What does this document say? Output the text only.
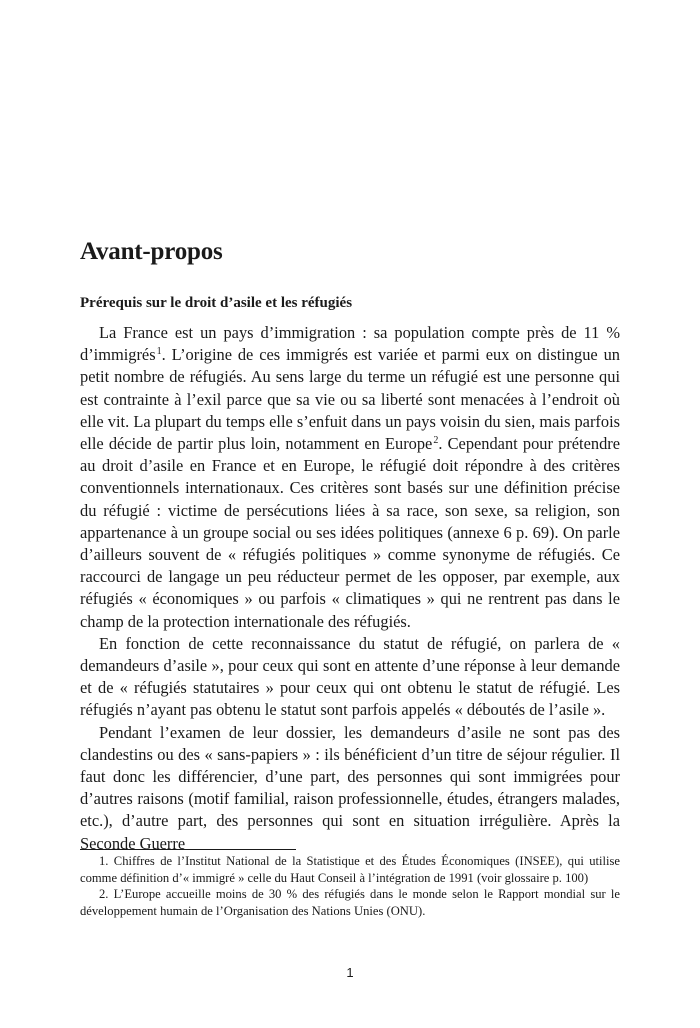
Avant-propos
Prérequis sur le droit d’asile et les réfugiés

La France est un pays d’immigration : sa population compte près de 11 % d’immigrés$^1$. L’origine de ces immigrés est variée et parmi eux on distingue un petit nombre de réfugiés. Au sens large du terme un réfugié est une personne qui est contrainte à l’exil parce que sa vie ou sa liberté sont menacées à l’endroit où elle vit. La plupart du temps elle s’enfuit dans un pays voisin du sien, mais parfois elle décide de partir plus loin, notamment en Europe$^2$. Cependant pour prétendre au droit d’asile en France et en Europe, le réfugié doit répondre à des critères conventionnels internationaux. Ces critères sont basés sur une définition précise du réfugié : victime de persécutions liées à sa race, son sexe, sa religion, son appartenance à un groupe social ou ses idées politiques (annexe 6 p. 69). On parle d’ailleurs souvent de « réfugiés politiques » comme synonyme de réfugiés. Ce raccourci de langage un peu réducteur permet de les opposer, par exemple, aux réfugiés « économiques » ou parfois « climatiques » qui ne rentrent pas dans le champ de la protection internationale des réfugiés.

En fonction de cette reconnaissance du statut de réfugié, on parlera de « demandeurs d’asile », pour ceux qui sont en attente d’une réponse à leur demande et de « réfugiés statutaires » pour ceux qui ont obtenu le statut de réfugié. Les réfugiés n’ayant pas obtenu le statut sont parfois appelés « déboutés de l’asile ».

Pendant l’examen de leur dossier, les demandeurs d’asile ne sont pas des clandestins ou des « sans-papiers » : ils bénéficient d’un titre de séjour régulier. Il faut donc les différencier, d’une part, des personnes qui sont immigrées pour d’autres raisons (motif familial, raison professionnelle, études, étrangers malades, etc.), d’autre part, des personnes qui sont en situation irrégulière. Après la Seconde Guerre

1. Chiffres de l’Institut National de la Statistique et des Études Économiques (INSEE), qui utilise comme définition d’« immigré » celle du Haut Conseil à l’intégration de 1991 (voir glossaire p. 100)

2. L’Europe accueille moins de 30 % des réfugiés dans le monde selon le Rapport mondial sur le développement humain de l’Organisation des Nations Unies (ONU).

1
